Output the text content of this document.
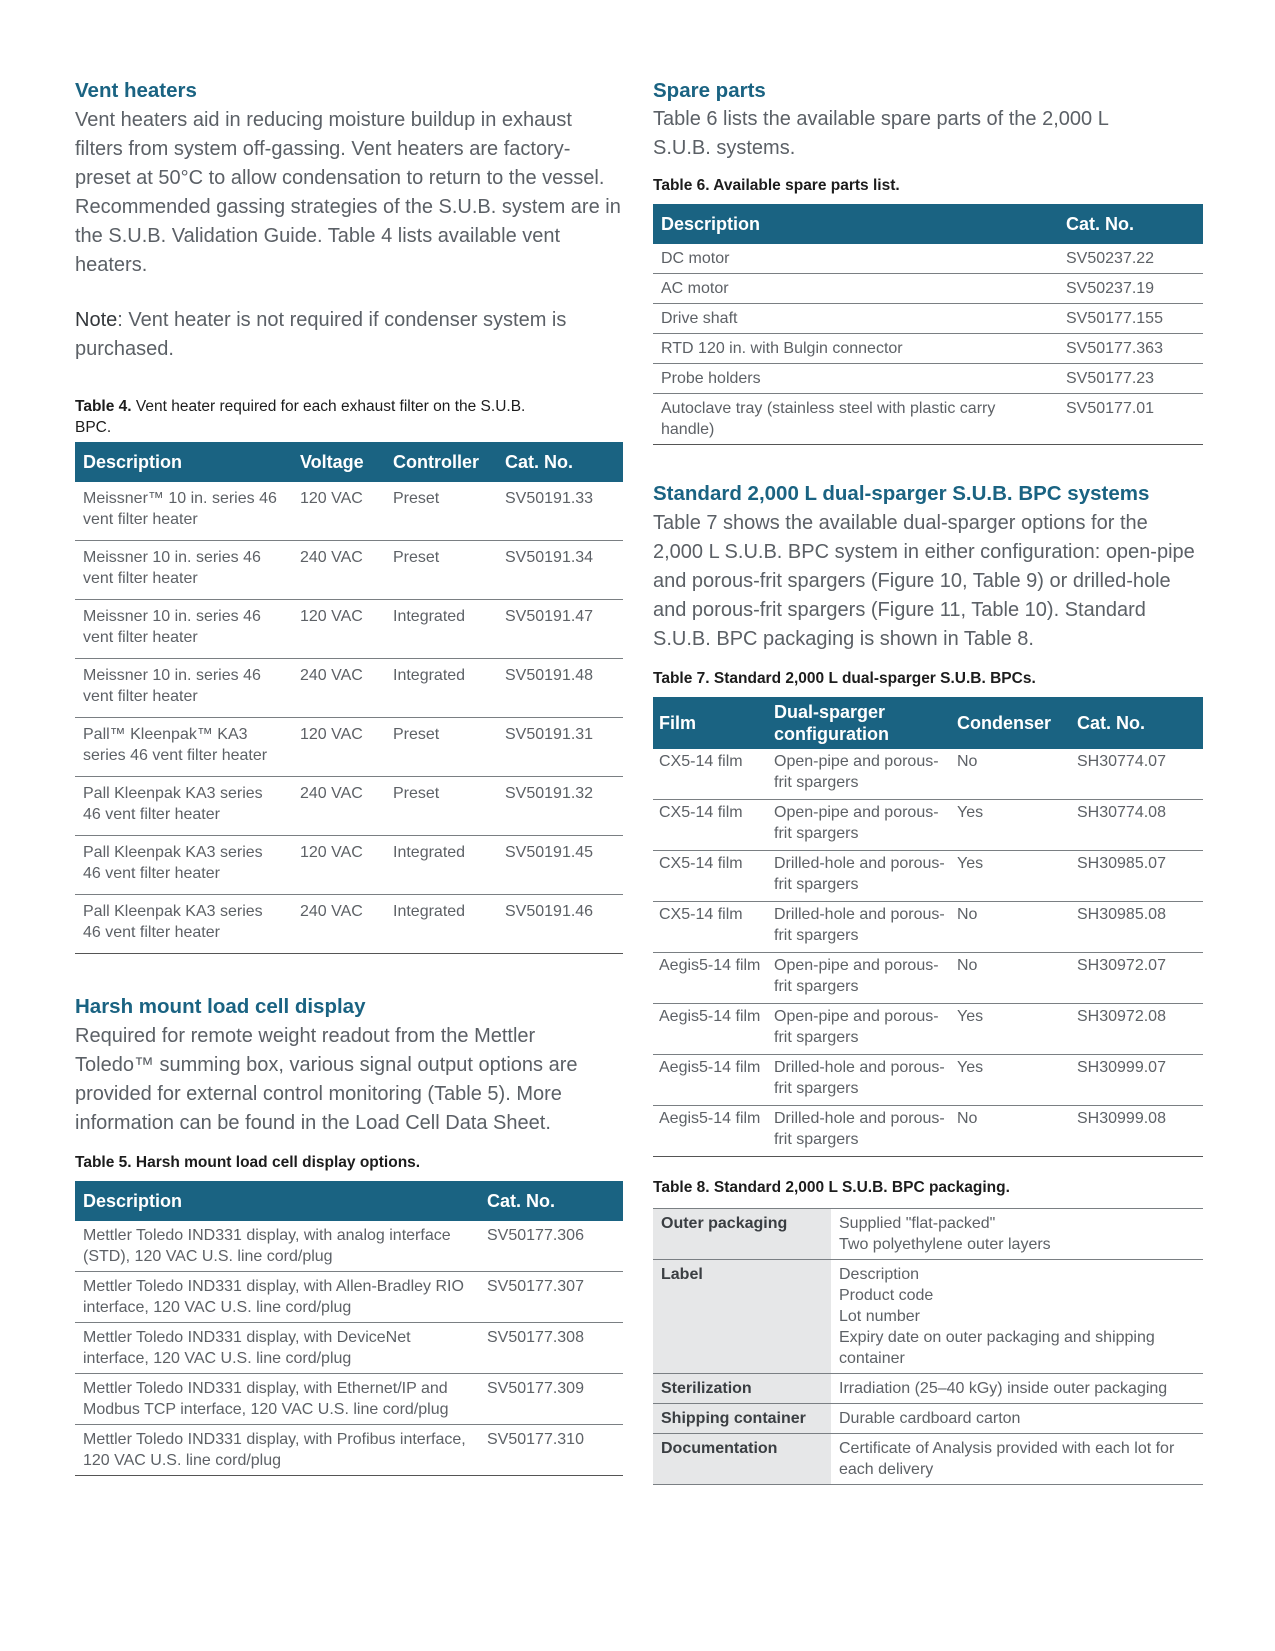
Vent heaters

Vent heaters aid in reducing moisture buildup in exhaust filters from system off-gassing. Vent heaters are factory-preset at 50°C to allow condensation to return to the vessel. Recommended gassing strategies of the S.U.B. system are in the S.U.B. Validation Guide. Table 4 lists available vent heaters.

Note: Vent heater is not required if condenser system is purchased.

Table 4. Vent heater required for each exhaust filter on the S.U.B. BPC.

Description	Voltage	Controller	Cat. No.
Meissner™ 10 in. series 46 vent filter heater	120 VAC	Preset	SV50191.33
Meissner 10 in. series 46 vent filter heater	240 VAC	Preset	SV50191.34
Meissner 10 in. series 46 vent filter heater	120 VAC	Integrated	SV50191.47
Meissner 10 in. series 46 vent filter heater	240 VAC	Integrated	SV50191.48
Pall™ Kleenpak™ KA3 series 46 vent filter heater	120 VAC	Preset	SV50191.31
Pall Kleenpak KA3 series 46 vent filter heater	240 VAC	Preset	SV50191.32
Pall Kleenpak KA3 series 46 vent filter heater	120 VAC	Integrated	SV50191.45
Pall Kleenpak KA3 series 46 vent filter heater	240 VAC	Integrated	SV50191.46
Harsh mount load cell display

Required for remote weight readout from the Mettler Toledo™ summing box, various signal output options are provided for external control monitoring (Table 5). More information can be found in the Load Cell Data Sheet.

Table 5. Harsh mount load cell display options.

Description	Cat. No.
Mettler Toledo IND331 display, with analog interface (STD), 120 VAC U.S. line cord/plug	SV50177.306
Mettler Toledo IND331 display, with Allen-Bradley RIO interface, 120 VAC U.S. line cord/plug	SV50177.307
Mettler Toledo IND331 display, with DeviceNet interface, 120 VAC U.S. line cord/plug	SV50177.308
Mettler Toledo IND331 display, with Ethernet/IP and Modbus TCP interface, 120 VAC U.S. line cord/plug	SV50177.309
Mettler Toledo IND331 display, with Profibus interface, 120 VAC U.S. line cord/plug	SV50177.310
Spare parts

Table 6 lists the available spare parts of the 2,000 L S.U.B. systems.

Table 6. Available spare parts list.

Description	Cat. No.
DC motor	SV50237.22
AC motor	SV50237.19
Drive shaft	SV50177.155
RTD 120 in. with Bulgin connector	SV50177.363
Probe holders	SV50177.23
Autoclave tray (stainless steel with plastic carry handle)	SV50177.01
Standard 2,000 L dual-sparger S.U.B. BPC systems

Table 7 shows the available dual-sparger options for the 2,000 L S.U.B. BPC system in either configuration: open-pipe and porous-frit spargers (Figure 10, Table 9) or drilled-hole and porous-frit spargers (Figure 11, Table 10). Standard S.U.B. BPC packaging is shown in Table 8.

Table 7. Standard 2,000 L dual-sparger S.U.B. BPCs.

Film	Dual-sparger configuration	Condenser	Cat. No.
CX5-14 film	Open-pipe and porous-frit spargers	No	SH30774.07
CX5-14 film	Open-pipe and porous-frit spargers	Yes	SH30774.08
CX5-14 film	Drilled-hole and porous-frit spargers	Yes	SH30985.07
CX5-14 film	Drilled-hole and porous-frit spargers	No	SH30985.08
Aegis5-14 film	Open-pipe and porous-frit spargers	No	SH30972.07
Aegis5-14 film	Open-pipe and porous-frit spargers	Yes	SH30972.08
Aegis5-14 film	Drilled-hole and porous-frit spargers	Yes	SH30999.07
Aegis5-14 film	Drilled-hole and porous-frit spargers	No	SH30999.08

Table 8. Standard 2,000 L S.U.B. BPC packaging.

Outer packaging	Supplied "flat-packed"
Two polyethylene outer layers
Label	Description
Product code
Lot number
Expiry date on outer packaging and shipping container
Sterilization	Irradiation (25–40 kGy) inside outer packaging
Shipping container	Durable cardboard carton
Documentation	Certificate of Analysis provided with each lot for each delivery
